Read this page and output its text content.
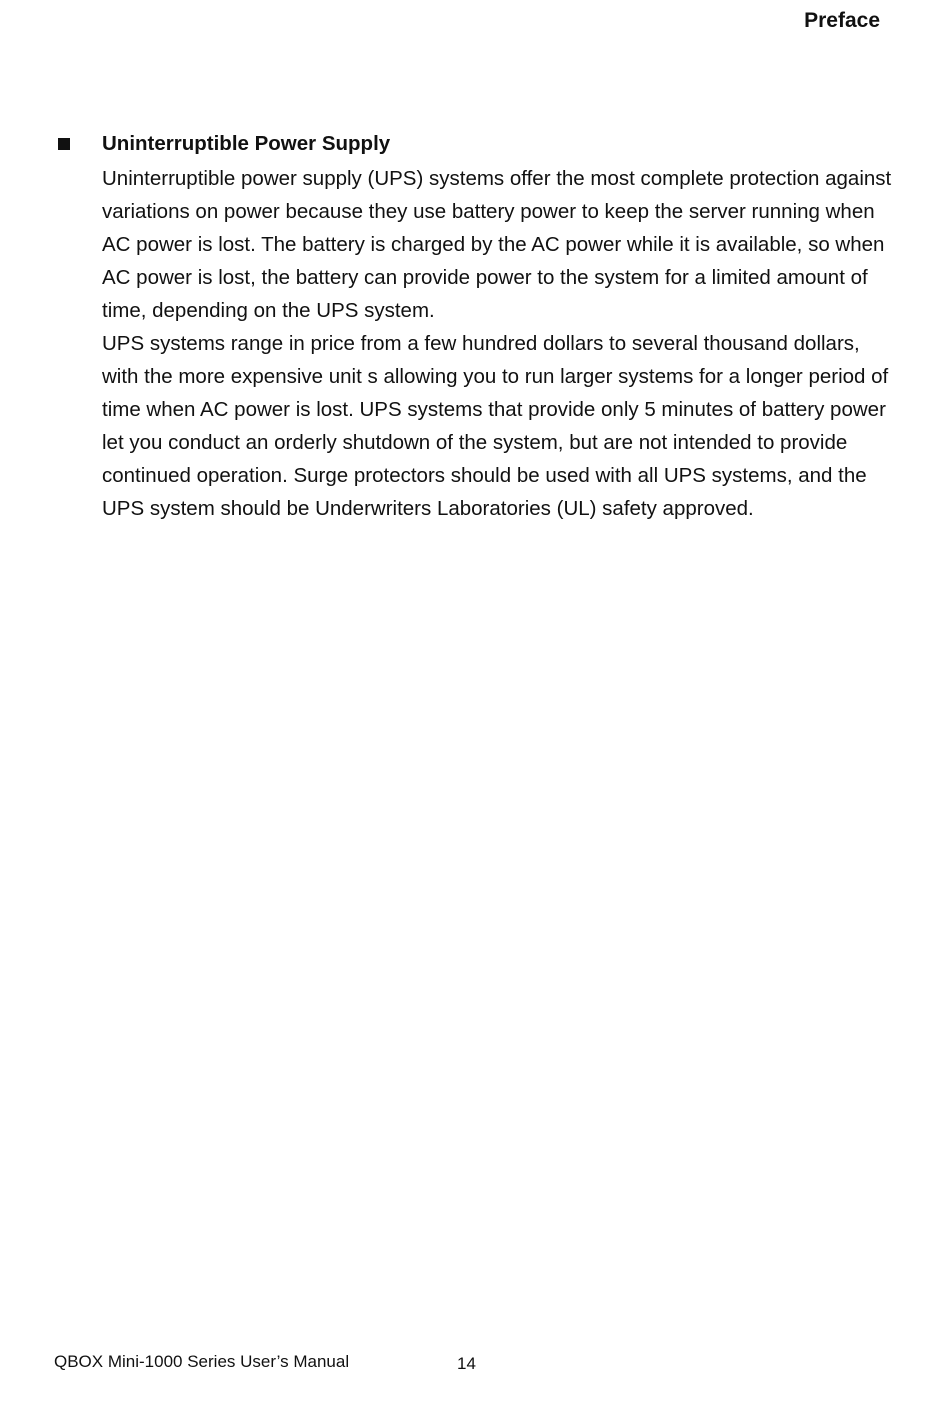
Preface
Uninterruptible Power Supply

Uninterruptible power supply (UPS) systems offer the most complete protection against variations on power because they use battery power to keep the server running when AC power is lost. The battery is charged by the AC power while it is available, so when AC power is lost, the battery can provide power to the system for a limited amount of time, depending on the UPS system.

UPS systems range in price from a few hundred dollars to several thousand dollars, with the more expensive unit s allowing you to run larger systems for a longer period of time when AC power is lost. UPS systems that provide only 5 minutes of battery power let you conduct an orderly shutdown of the system, but are not intended to provide continued operation. Surge protectors should be used with all UPS systems, and the UPS system should be Underwriters Laboratories (UL) safety approved.

QBOX Mini-1000 Series User’s Manual	14
